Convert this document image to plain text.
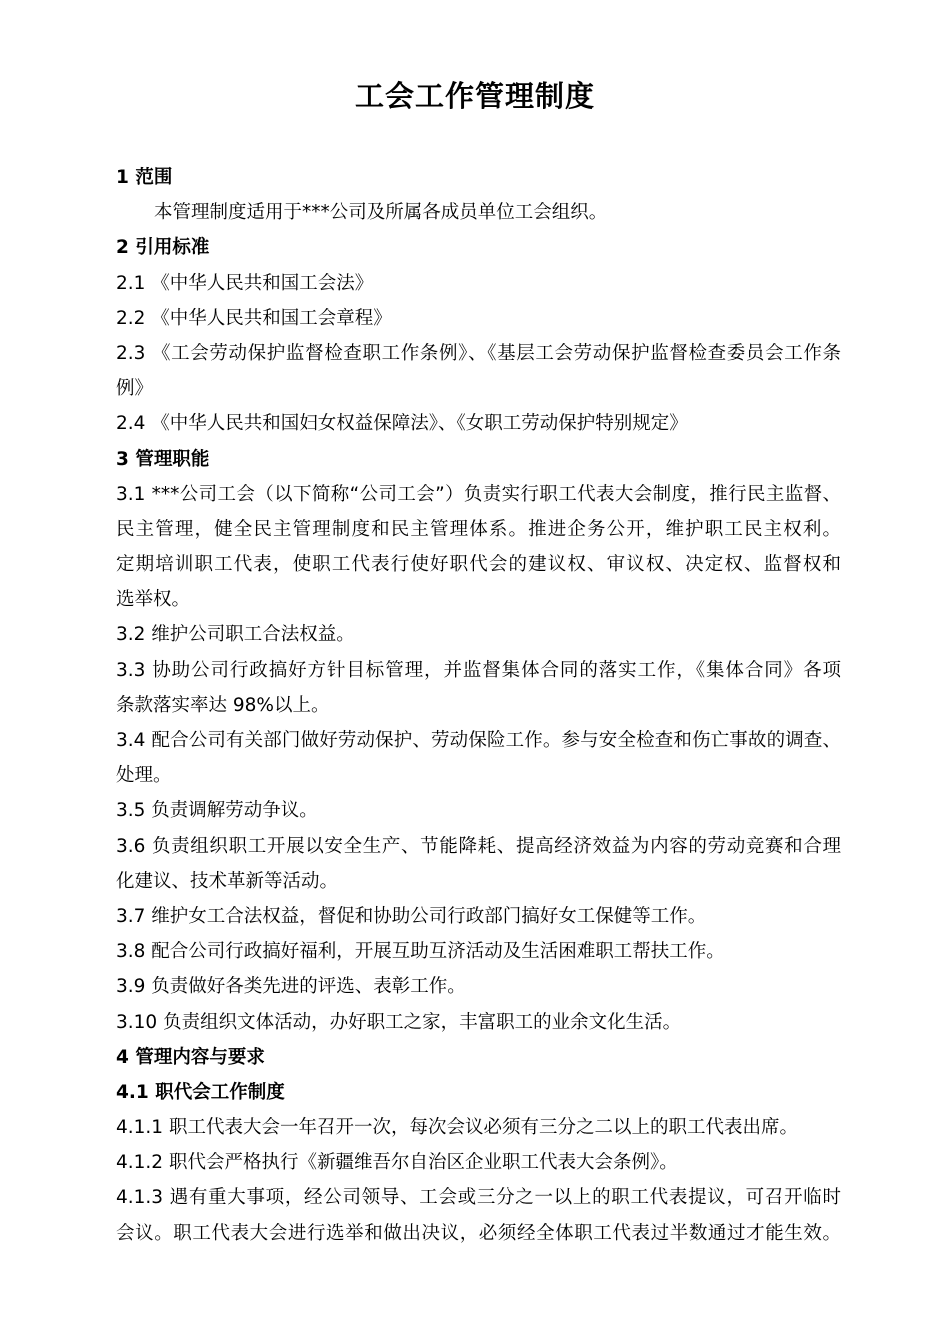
工会工作管理制度
1 范围
本管理制度适用于***公司及所属各成员单位工会组织。
2 引用标准
2.1 《中华人民共和国工会法》
2.2 《中华人民共和国工会章程》
2.3 《工会劳动保护监督检查职工作条例》、《基层工会劳动保护监督检查委员会工作条
例》
2.4 《中华人民共和国妇女权益保障法》、《女职工劳动保护特别规定》
3 管理职能
3.1 ***公司工会（以下简称“公司工会”）负责实行职工代表大会制度，推行民主监督、
民主管理，健全民主管理制度和民主管理体系。推进企务公开，维护职工民主权利。
定期培训职工代表，使职工代表行使好职代会的建议权、审议权、决定权、监督权和
选举权。
3.2 维护公司职工合法权益。
3.3 协助公司行政搞好方针目标管理，并监督集体合同的落实工作，《集体合同》各项
条款落实率达 98%以上。
3.4 配合公司有关部门做好劳动保护、劳动保险工作。参与安全检查和伤亡事故的调查、
处理。
3.5 负责调解劳动争议。
3.6 负责组织职工开展以安全生产、节能降耗、提高经济效益为内容的劳动竞赛和合理
化建议、技术革新等活动。
3.7 维护女工合法权益，督促和协助公司行政部门搞好女工保健等工作。
3.8 配合公司行政搞好福利，开展互助互济活动及生活困难职工帮扶工作。
3.9 负责做好各类先进的评选、表彰工作。
3.10 负责组织文体活动，办好职工之家，丰富职工的业余文化生活。
4 管理内容与要求
4.1 职代会工作制度
4.1.1 职工代表大会一年召开一次，每次会议必须有三分之二以上的职工代表出席。
4.1.2 职代会严格执行《新疆维吾尔自治区企业职工代表大会条例》。
4.1.3 遇有重大事项，经公司领导、工会或三分之一以上的职工代表提议，可召开临时
会议。职工代表大会进行选举和做出决议，必须经全体职工代表过半数通过才能生效。
